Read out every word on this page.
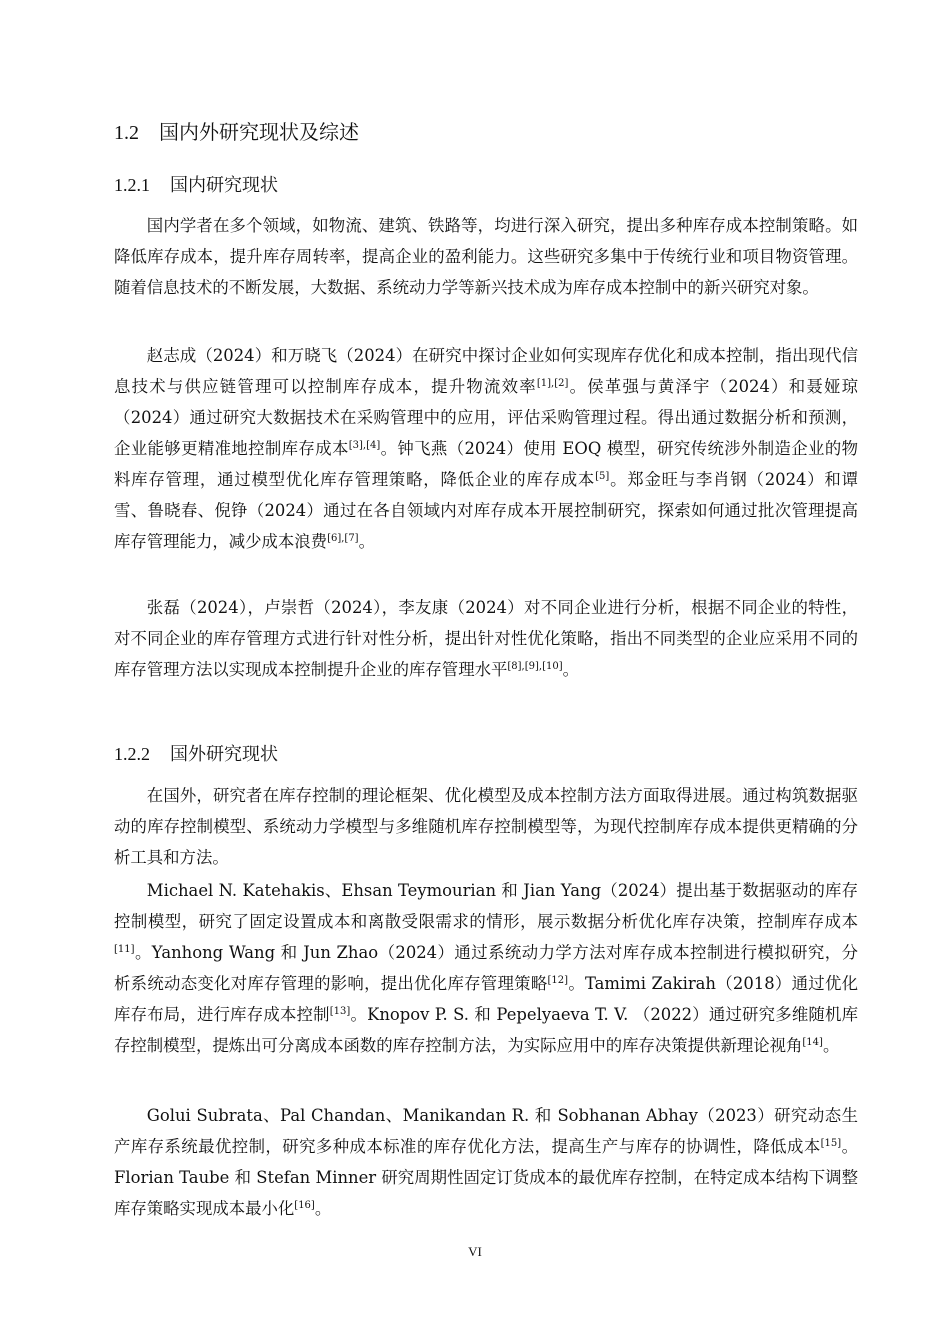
1.2 国内外研究现状及综述
1.2.1 国内研究现状

国内学者在多个领域，如物流、建筑、铁路等，均进行深入研究，提出多种库存成本控制策略。如降低库存成本，提升库存周转率，提高企业的盈利能力。这些研究多集中于传统行业和项目物资管理。随着信息技术的不断发展，大数据、系统动力学等新兴技术成为库存成本控制中的新兴研究对象。

赵志成（2024）和万晓飞（2024）在研究中探讨企业如何实现库存优化和成本控制，指出现代信息技术与供应链管理可以控制库存成本，提升物流效率[1],[2]。侯革强与黄泽宇（2024）和聂娅琼（2024）通过研究大数据技术在采购管理中的应用，评估采购管理过程。得出通过数据分析和预测，企业能够更精准地控制库存成本[3],[4]。钟飞燕（2024）使用 EOQ 模型，研究传统涉外制造企业的物料库存管理，通过模型优化库存管理策略，降低企业的库存成本[5]。郑金旺与李肖钢（2024）和谭雪、鲁晓春、倪铮（2024）通过在各自领域内对库存成本开展控制研究，探索如何通过批次管理提高库存管理能力，减少成本浪费[6],[7]。

张磊（2024），卢崇哲（2024），李友康（2024）对不同企业进行分析，根据不同企业的特性，对不同企业的库存管理方式进行针对性分析，提出针对性优化策略，指出不同类型的企业应采用不同的库存管理方法以实现成本控制提升企业的库存管理水平[8],[9],[10]。

1.2.2 国外研究现状

在国外，研究者在库存控制的理论框架、优化模型及成本控制方法方面取得进展。通过构筑数据驱动的库存控制模型、系统动力学模型与多维随机库存控制模型等，为现代控制库存成本提供更精确的分析工具和方法。

Michael N. Katehakis、Ehsan Teymourian 和 Jian Yang（2024）提出基于数据驱动的库存控制模型，研究了固定设置成本和离散受限需求的情形，展示数据分析优化库存决策，控制库存成本[11]。Yanhong Wang 和 Jun Zhao（2024）通过系统动力学方法对库存成本控制进行模拟研究，分析系统动态变化对库存管理的影响，提出优化库存管理策略[12]。Tamimi Zakirah（2018）通过优化库存布局，进行库存成本控制[13]。Knopov P. S. 和 Pepelyaeva T. V. （2022）通过研究多维随机库存控制模型，提炼出可分离成本函数的库存控制方法，为实际应用中的库存决策提供新理论视角[14]。

Golui Subrata、Pal Chandan、Manikandan R. 和 Sobhanan Abhay（2023）研究动态生产库存系统最优控制，研究多种成本标准的库存优化方法，提高生产与库存的协调性，降低成本[15]。Florian Taube 和 Stefan Minner 研究周期性固定订货成本的最优库存控制，在特定成本结构下调整库存策略实现成本最小化[16]。

VI
